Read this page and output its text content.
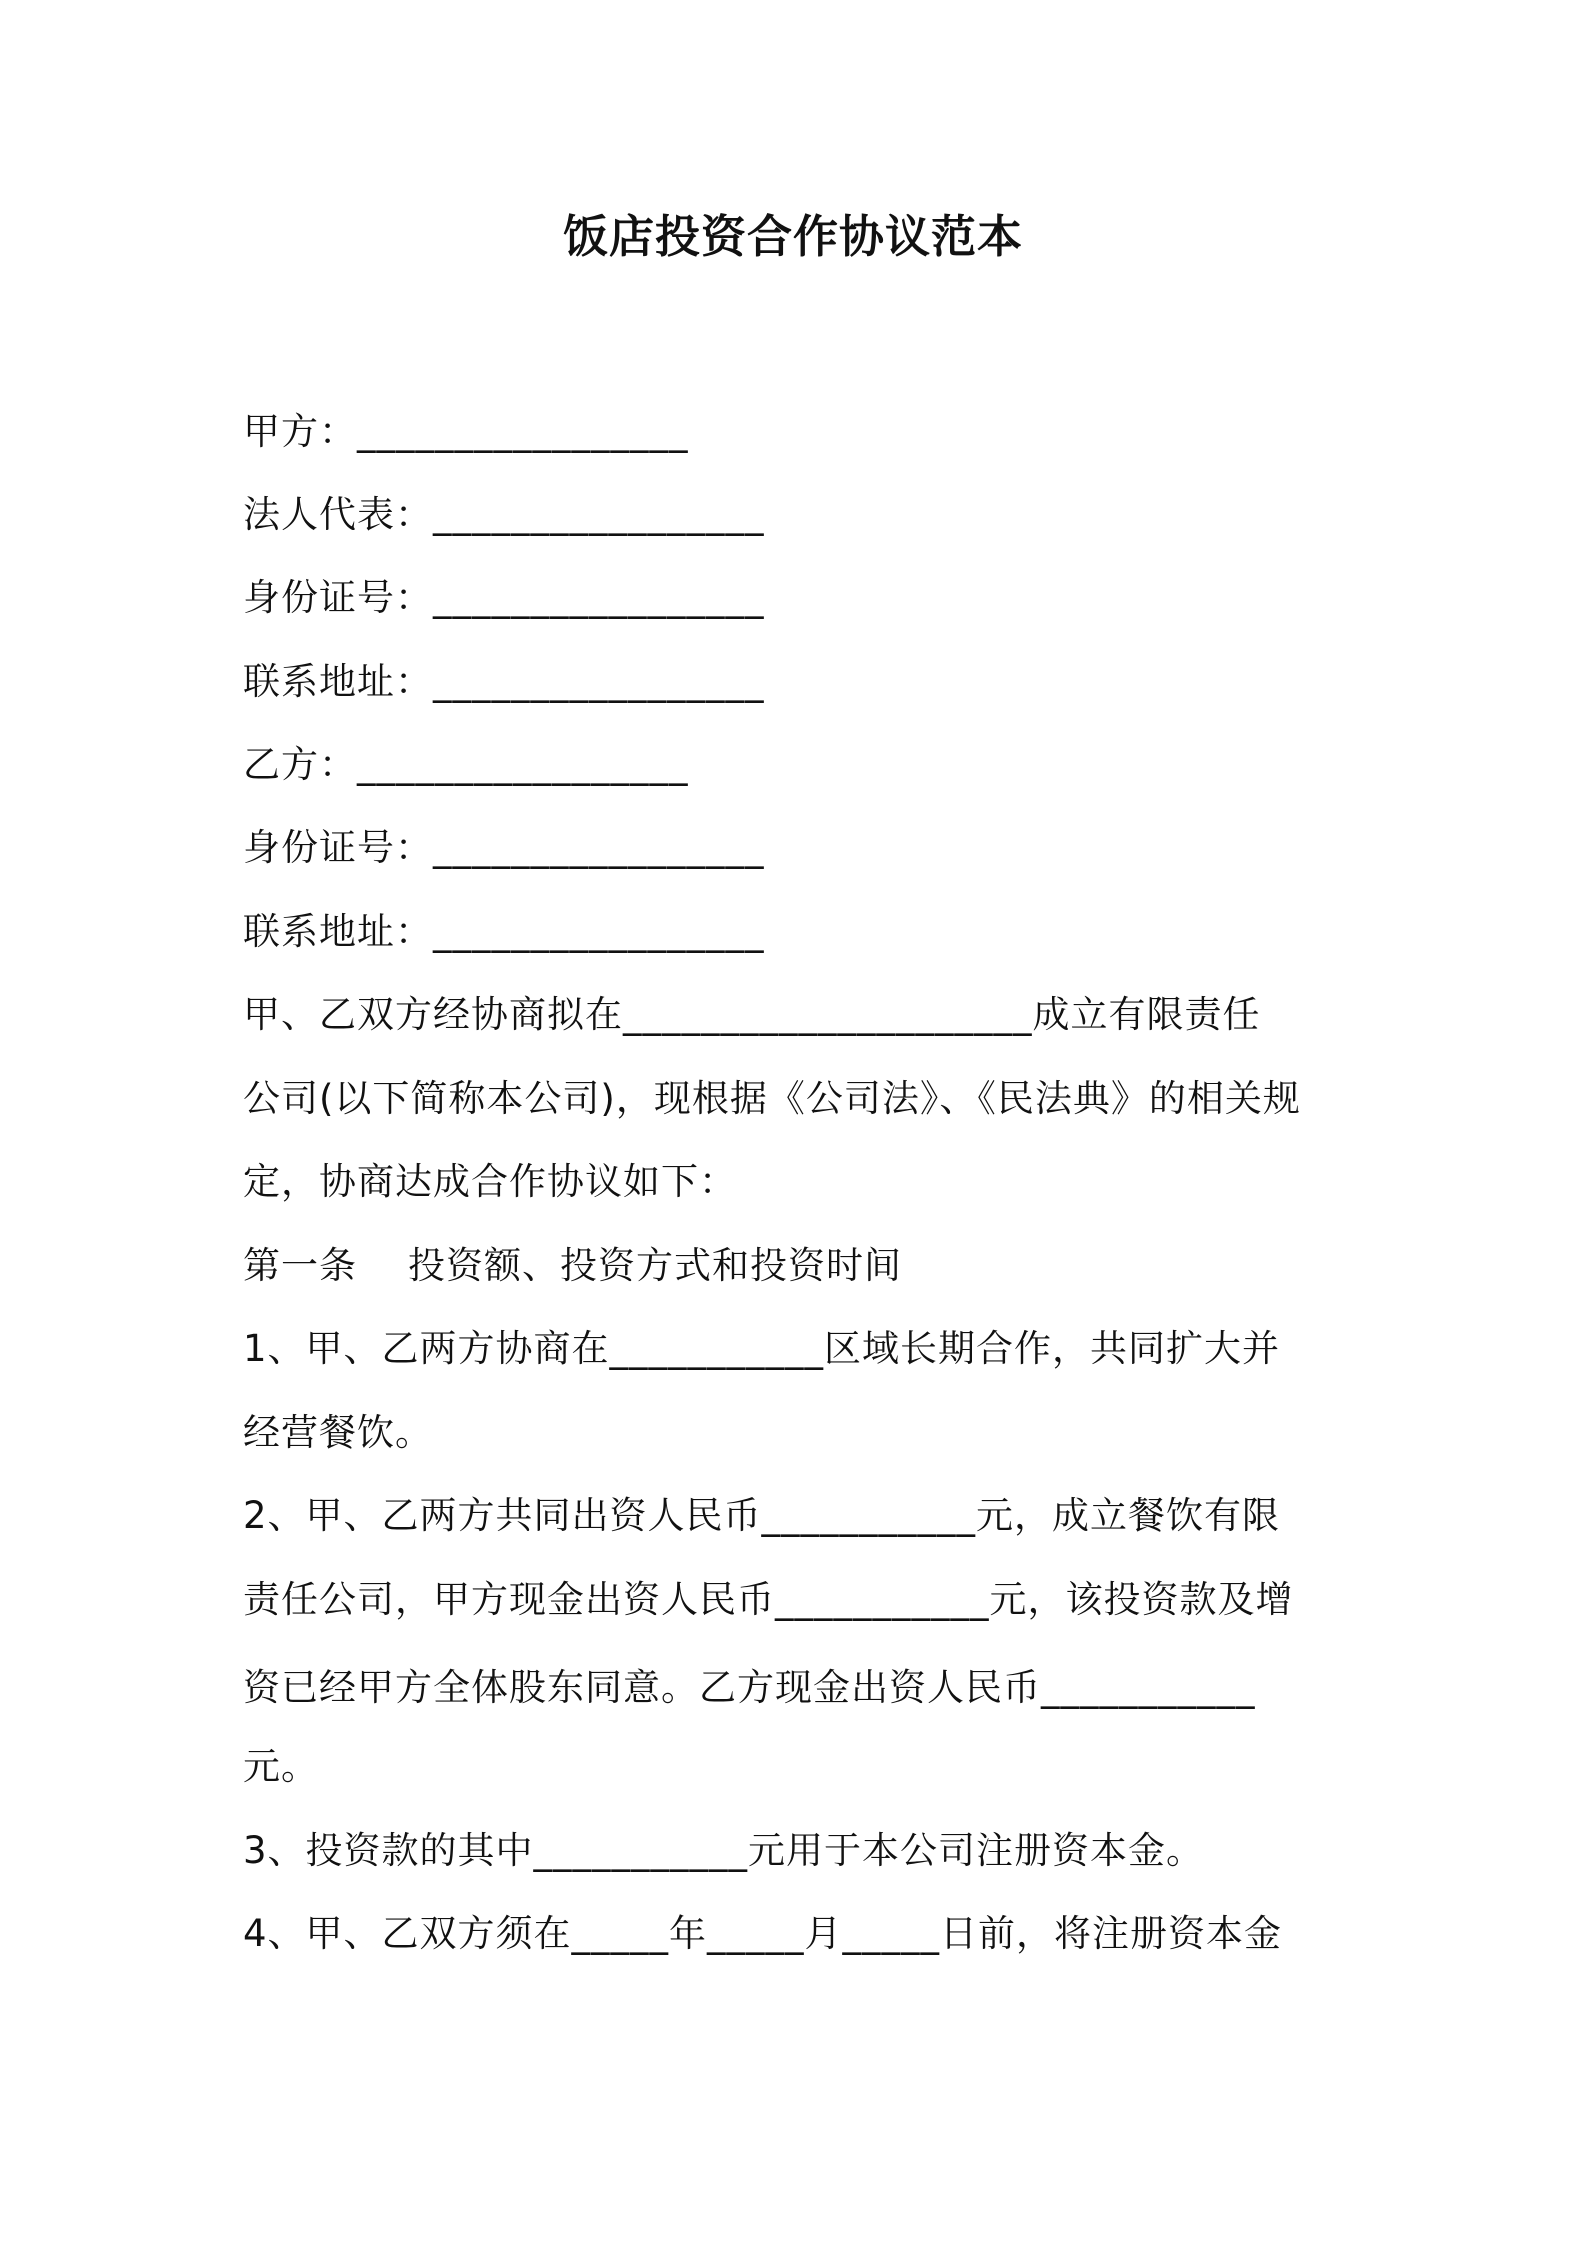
饭店投资合作协议范本
甲方：_________________
法人代表：_________________
身份证号：_________________
联系地址：_________________
乙方：_________________
身份证号：_________________
联系地址：_________________
甲、乙双方经协商拟在_____________________成立有限责任
公司(以下简称本公司)，现根据《公司法》、《民法典》的相关规
定，协商达成合作协议如下：
第一条    投资额、投资方式和投资时间
1、甲、乙两方协商在___________区域长期合作，共同扩大并
经营餐饮。
2、甲、乙两方共同出资人民币___________元，成立餐饮有限
责任公司，甲方现金出资人民币___________元，该投资款及增
资已经甲方全体股东同意。乙方现金出资人民币___________
元。
3、投资款的其中___________元用于本公司注册资本金。
4、甲、乙双方须在_____年_____月_____日前，将注册资本金
